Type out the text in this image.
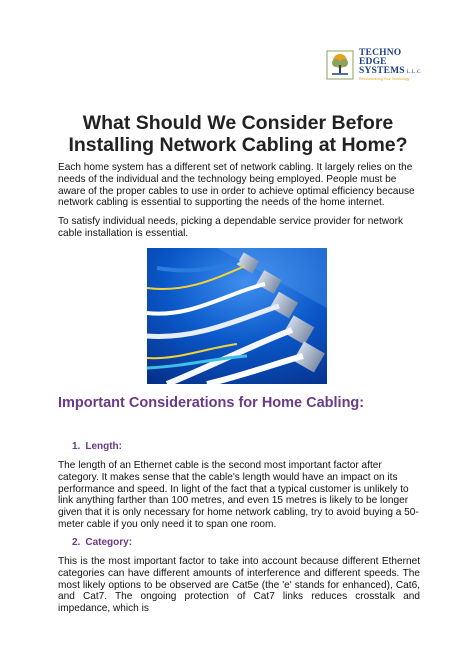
TECHNO
EDGE
SYSTEMS L.L.C
Revolutionizing Your Technology
What Should We Consider Before Installing Network Cabling at Home?

Each home system has a different set of network cabling. It largely relies on the needs of the individual and the technology being employed. People must be aware of the proper cables to use in order to achieve optimal efficiency because network cabling is essential to supporting the needs of the home internet.

To satisfy individual needs, picking a dependable service provider for network cable installation is essential.

Important Considerations for Home Cabling:
1. Length:

The length of an Ethernet cable is the second most important factor after category. It makes sense that the cable's length would have an impact on its performance and speed. In light of the fact that a typical customer is unlikely to link anything farther than 100 metres, and even 15 metres is likely to be longer given that it is only necessary for home network cabling, try to avoid buying a 50-meter cable if you only need it to span one room.

2. Category:

This is the most important factor to take into account because different Ethernet categories can have different amounts of interference and different speeds. The most likely options to be observed are Cat5e (the 'e' stands for enhanced), Cat6, and Cat7. The ongoing protection of Cat7 links reduces crosstalk and impedance, which is
